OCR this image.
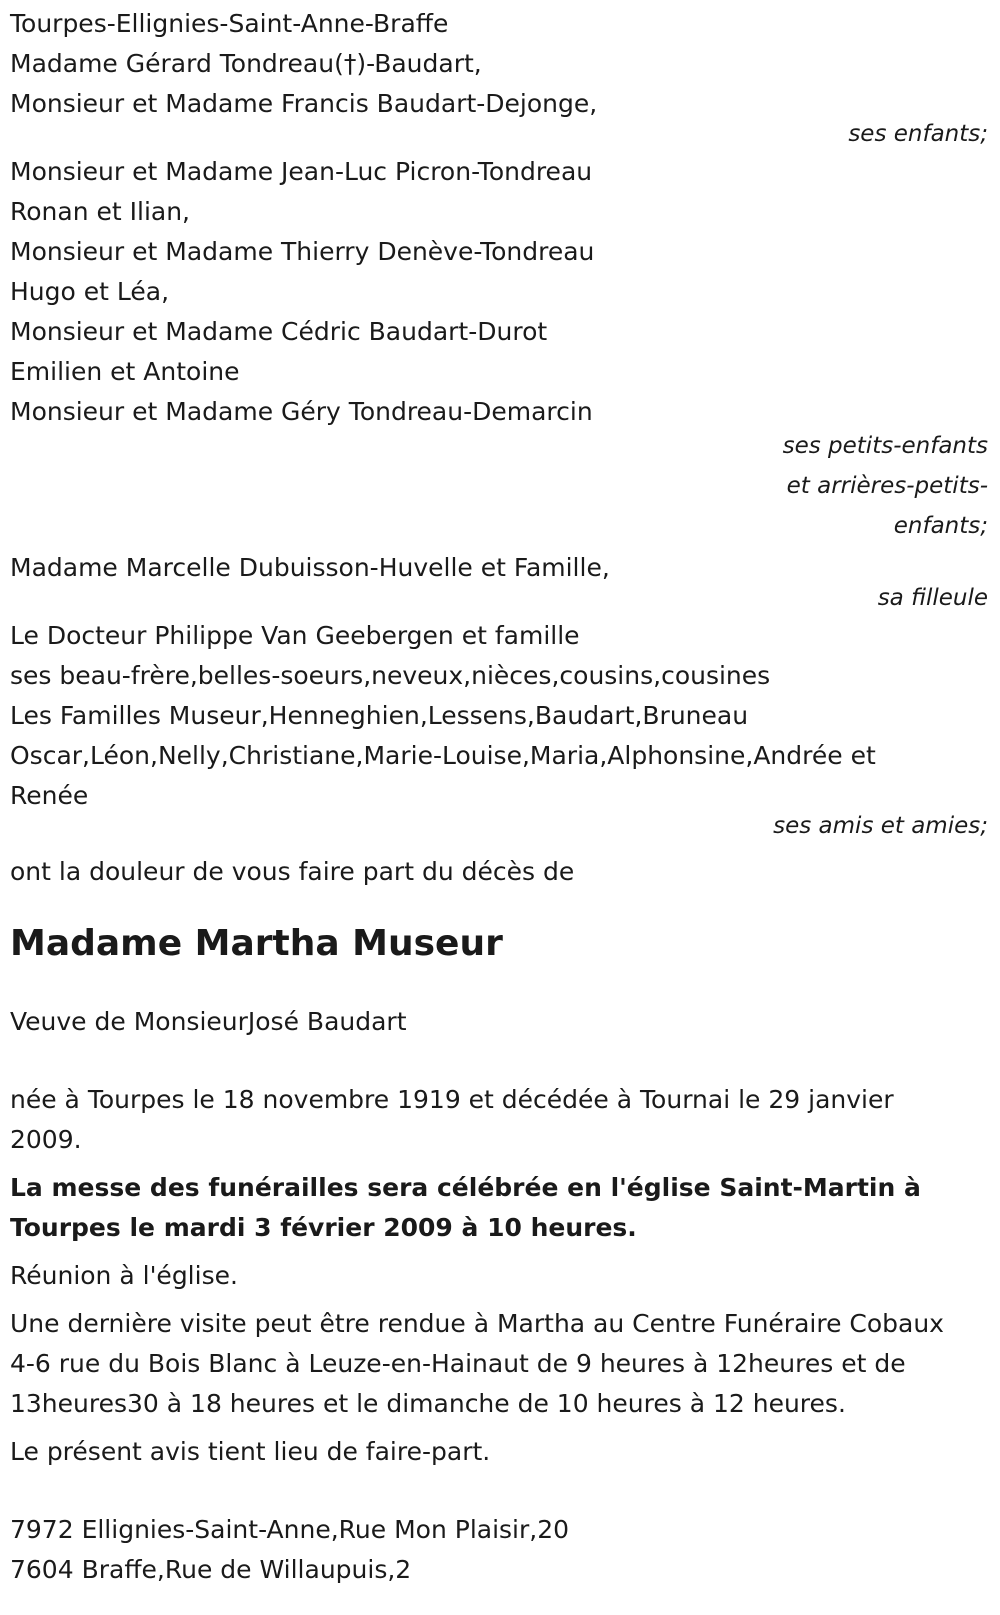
Tourpes-Ellignies-Saint-Anne-Braffe
Madame Gérard Tondreau(†)-Baudart,
Monsieur et Madame Francis Baudart-Dejonge,
ses enfants;
Monsieur et Madame Jean-Luc Picron-Tondreau
Ronan et Ilian,
Monsieur et Madame Thierry Denève-Tondreau
Hugo et Léa,
Monsieur et Madame Cédric Baudart-Durot
Emilien et Antoine
Monsieur et Madame Géry Tondreau-Demarcin
ses petits-enfants
et arrières-petits-
enfants;
Madame Marcelle Dubuisson-Huvelle et Famille,
sa filleule
Le Docteur Philippe Van Geebergen et famille
ses beau-frère,belles-soeurs,neveux,nièces,cousins,cousines
Les Familles Museur,Henneghien,Lessens,Baudart,Bruneau
Oscar,Léon,Nelly,Christiane,Marie-Louise,Maria,Alphonsine,Andrée et
Renée
ses amis et amies;
ont la douleur de vous faire part du décès de
Madame Martha Museur
Veuve de MonsieurJosé Baudart
née à Tourpes le 18 novembre 1919 et décédée à Tournai le 29 janvier 2009.
La messe des funérailles sera célébrée en l'église Saint-Martin à Tourpes le mardi 3 février 2009 à 10 heures.
Réunion à l'église.
Une dernière visite peut être rendue à Martha au Centre Funéraire Cobaux 4-6 rue du Bois Blanc à Leuze-en-Hainaut de 9 heures à 12heures et de 13heures30 à 18 heures et le dimanche de 10 heures à 12 heures.
Le présent avis tient lieu de faire-part.
7972 Ellignies-Saint-Anne,Rue Mon Plaisir,20
7604 Braffe,Rue de Willaupuis,2
